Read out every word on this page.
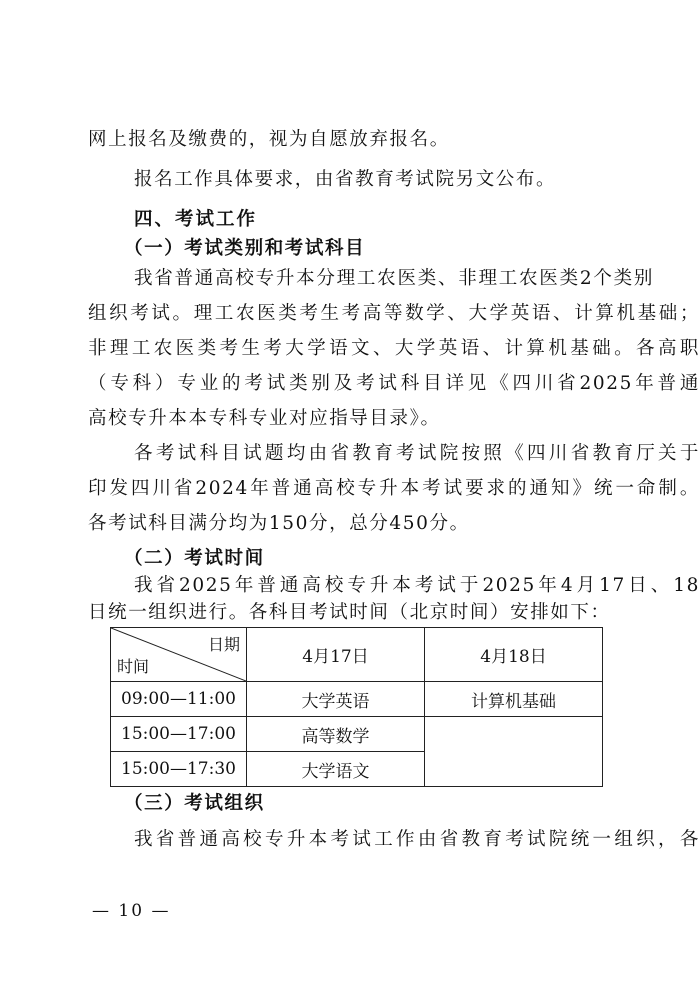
网上报名及缴费的，视为自愿放弃报名。
报名工作具体要求，由省教育考试院另文公布。
四、考试工作
（一）考试类别和考试科目
我省普通高校专升本分理工农医类、非理工农医类2个类别
组织考试。理工农医类考生考高等数学、大学英语、计算机基础；
非理工农医类考生考大学语文、大学英语、计算机基础。各高职
（专科）专业的考试类别及考试科目详见《四川省2025年普通
高校专升本本专科专业对应指导目录》。
各考试科目试题均由省教育考试院按照《四川省教育厅关于
印发四川省2024年普通高校专升本考试要求的通知》统一命制。
各考试科目满分均为150分，总分450分。
（二）考试时间
我省2025年普通高校专升本考试于2025年4月17日、18
日统一组织进行。各科目考试时间（北京时间）安排如下：
日期
时间	4月17日	4月18日
09:00—11:00	大学英语	计算机基础
15:00—17:00	高等数学	
15:00—17:30	大学语文	
（三）考试组织
我省普通高校专升本考试工作由省教育考试院统一组织，各
— 10 —
